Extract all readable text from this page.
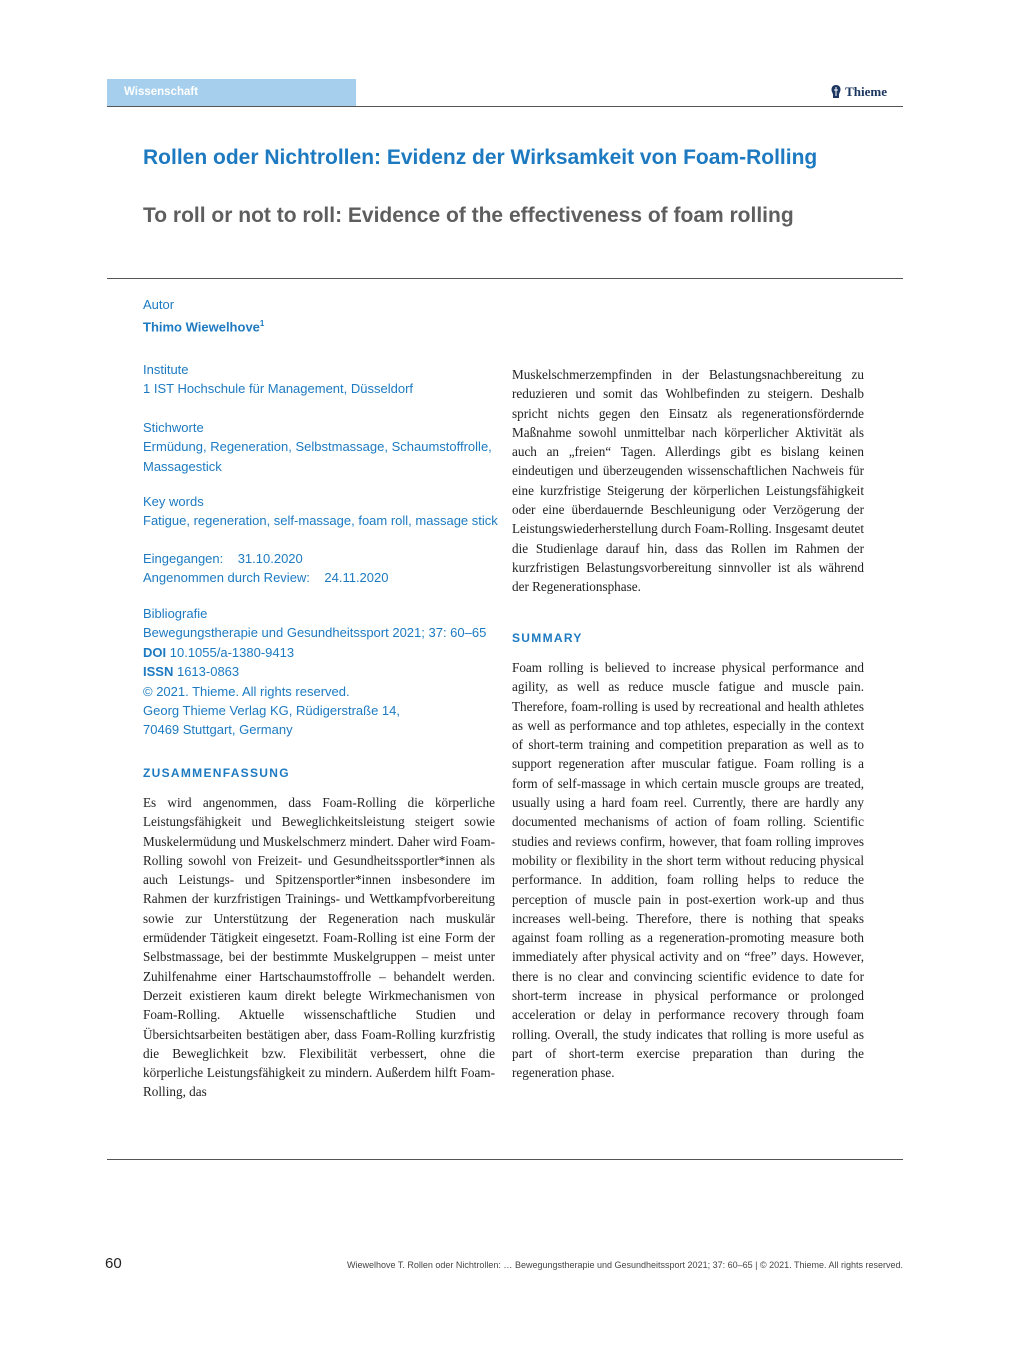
Wissenschaft	Thieme
Rollen oder Nichtrollen: Evidenz der Wirksamkeit von Foam-Rolling
To roll or not to roll: Evidence of the effectiveness of foam rolling
Autor
Thimo Wiewelhove$^1$
Institute
1 IST Hochschule für Management, Düsseldorf
Stichworte
Ermüdung, Regeneration, Selbstmassage, Schaumstoffrolle, Massagestick
Key words
Fatigue, regeneration, self-massage, foam roll, massage stick
Eingegangen: 31.10.2020
Angenommen durch Review: 24.11.2020
Bibliografie
Bewegungstherapie und Gesundheitssport 2021; 37: 60–65
DOI 10.1055/a-1380-9413
ISSN 1613-0863
© 2021. Thieme. All rights reserved.
Georg Thieme Verlag KG, Rüdigerstraße 14,
70469 Stuttgart, Germany
ZUSAMMENFASSUNG

Es wird angenommen, dass Foam-Rolling die körperliche Leistungsfähigkeit und Beweglichkeitsleistung steigert sowie Muskelermüdung und Muskelschmerz mindert. Daher wird Foam-Rolling sowohl von Freizeit- und Gesundheitssportler*innen als auch Leistungs- und Spitzensportler*innen insbesondere im Rahmen der kurzfristigen Trainings- und Wettkampfvorbereitung sowie zur Unterstützung der Regeneration nach muskulär ermüdender Tätigkeit eingesetzt. Foam-Rolling ist eine Form der Selbstmassage, bei der bestimmte Muskelgruppen – meist unter Zuhilfenahme einer Hartschaumstoffrolle – behandelt werden. Derzeit existieren kaum direkt belegte Wirkmechanismen von Foam-Rolling. Aktuelle wissenschaftliche Studien und Übersichtsarbeiten bestätigen aber, dass Foam-Rolling kurzfristig die Beweglichkeit bzw. Flexibilität verbessert, ohne die körperliche Leistungsfähigkeit zu mindern. Außerdem hilft Foam-Rolling, das

Muskelschmerzempfinden in der Belastungsnachbereitung zu reduzieren und somit das Wohlbefinden zu steigern. Deshalb spricht nichts gegen den Einsatz als regenerationsfördernde Maßnahme sowohl unmittelbar nach körperlicher Aktivität als auch an „freien“ Tagen. Allerdings gibt es bislang keinen eindeutigen und überzeugenden wissenschaftlichen Nachweis für eine kurzfristige Steigerung der körperlichen Leistungsfähigkeit oder eine überdauernde Beschleunigung oder Verzögerung der Leistungswiederherstellung durch Foam-Rolling. Insgesamt deutet die Studienlage darauf hin, dass das Rollen im Rahmen der kurzfristigen Belastungsvorbereitung sinnvoller ist als während der Regenerationsphase.

SUMMARY

Foam rolling is believed to increase physical performance and agility, as well as reduce muscle fatigue and muscle pain. Therefore, foam-rolling is used by recreational and health athletes as well as performance and top athletes, especially in the context of short-term training and competition preparation as well as to support regeneration after muscular fatigue. Foam rolling is a form of self-massage in which certain muscle groups are treated, usually using a hard foam reel. Currently, there are hardly any documented mechanisms of action of foam rolling. Scientific studies and reviews confirm, however, that foam rolling improves mobility or flexibility in the short term without reducing physical performance. In addition, foam rolling helps to reduce the perception of muscle pain in post-exertion work-up and thus increases well-being. Therefore, there is nothing that speaks against foam rolling as a regeneration-promoting measure both immediately after physical activity and on “free” days. However, there is no clear and convincing scientific evidence to date for short-term increase in physical performance or prolonged acceleration or delay in performance recovery through foam rolling. Overall, the study indicates that rolling is more useful as part of short-term exercise preparation than during the regeneration phase.

60	Wiewelhove T. Rollen oder Nichtrollen: … Bewegungstherapie und Gesundheitssport 2021; 37: 60–65 | © 2021. Thieme. All rights reserved.
